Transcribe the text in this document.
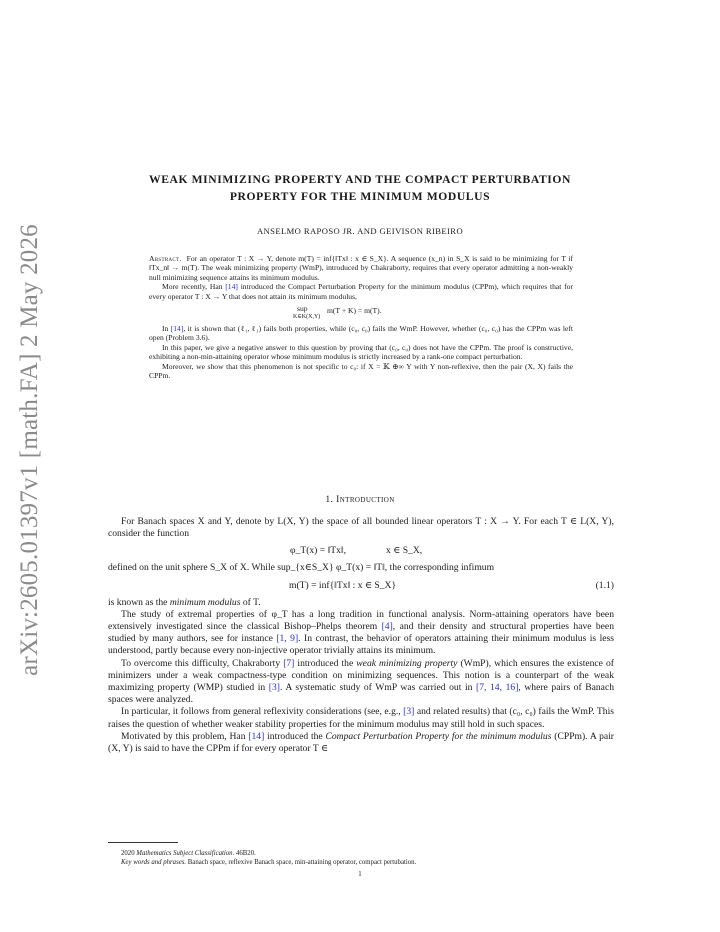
arXiv:2605.01397v1 [math.FA] 2 May 2026
WEAK MINIMIZING PROPERTY AND THE COMPACT PERTURBATION
PROPERTY FOR THE MINIMUM MODULUS
ANSELMO RAPOSO JR. AND GEIVISON RIBEIRO

Abstract. For an operator T : X → Y, denote m(T) = inf{‖Tx‖ : x ∈ S_X}. A sequence (x_n) in S_X is said to be minimizing for T if ‖Tx_n‖ → m(T). The weak minimizing property (WmP), introduced by Chakraborty, requires that every operator admitting a non-weakly null minimizing sequence attains its minimum modulus.

More recently, Han [14] introduced the Compact Perturbation Property for the minimum modulus (CPPm), which requires that for every operator T : X → Y that does not attain its minimum modulus,

sup
K∈K(X,Y)
m(T + K) = m(T).

In [14], it is shown that (ℓ₁, ℓ₁) fails both properties, while (c₀, c₀) fails the WmP. However, whether (c₀, c₀) has the CPPm was left open (Problem 3.6).

In this paper, we give a negative answer to this question by proving that (c₀, c₀) does not have the CPPm. The proof is constructive, exhibiting a non-min-attaining operator whose minimum modulus is strictly increased by a rank-one compact perturbation.

Moreover, we show that this phenomenon is not specific to c₀: if X = 𝕂 ⊕∞ Y with Y non-reflexive, then the pair (X, X) fails the CPPm.

1. Introduction

For Banach spaces X and Y, denote by L(X, Y) the space of all bounded linear operators T : X → Y. For each T ∈ L(X, Y), consider the function

φ_T(x) = ‖Tx‖,	x ∈ S_X,

defined on the unit sphere S_X of X. While sup_{x∈S_X} φ_T(x) = ‖T‖, the corresponding infimum

m(T) = inf{‖Tx‖ : x ∈ S_X}	(1.1)

is known as the minimum modulus of T.

The study of extremal properties of φ_T has a long tradition in functional analysis. Norm-attaining operators have been extensively investigated since the classical Bishop–Phelps theorem [4], and their density and structural properties have been studied by many authors, see for instance [1, 9]. In contrast, the behavior of operators attaining their minimum modulus is less understood, partly because every non-injective operator trivially attains its minimum.

To overcome this difficulty, Chakraborty [7] introduced the weak minimizing property (WmP), which ensures the existence of minimizers under a weak compactness-type condition on minimizing sequences. This notion is a counterpart of the weak maximizing property (WMP) studied in [3]. A systematic study of WmP was carried out in [7, 14, 16], where pairs of Banach spaces were analyzed.

In particular, it follows from general reflexivity considerations (see, e.g., [3] and related results) that (c₀, c₀) fails the WmP. This raises the question of whether weaker stability properties for the minimum modulus may still hold in such spaces.

Motivated by this problem, Han [14] introduced the Compact Perturbation Property for the minimum modulus (CPPm). A pair (X, Y) is said to have the CPPm if for every operator T ∈

2020 Mathematics Subject Classification. 46B20.

Key words and phrases. Banach space, reflexive Banach space, min-attaining operator, compact pertubation.

1
